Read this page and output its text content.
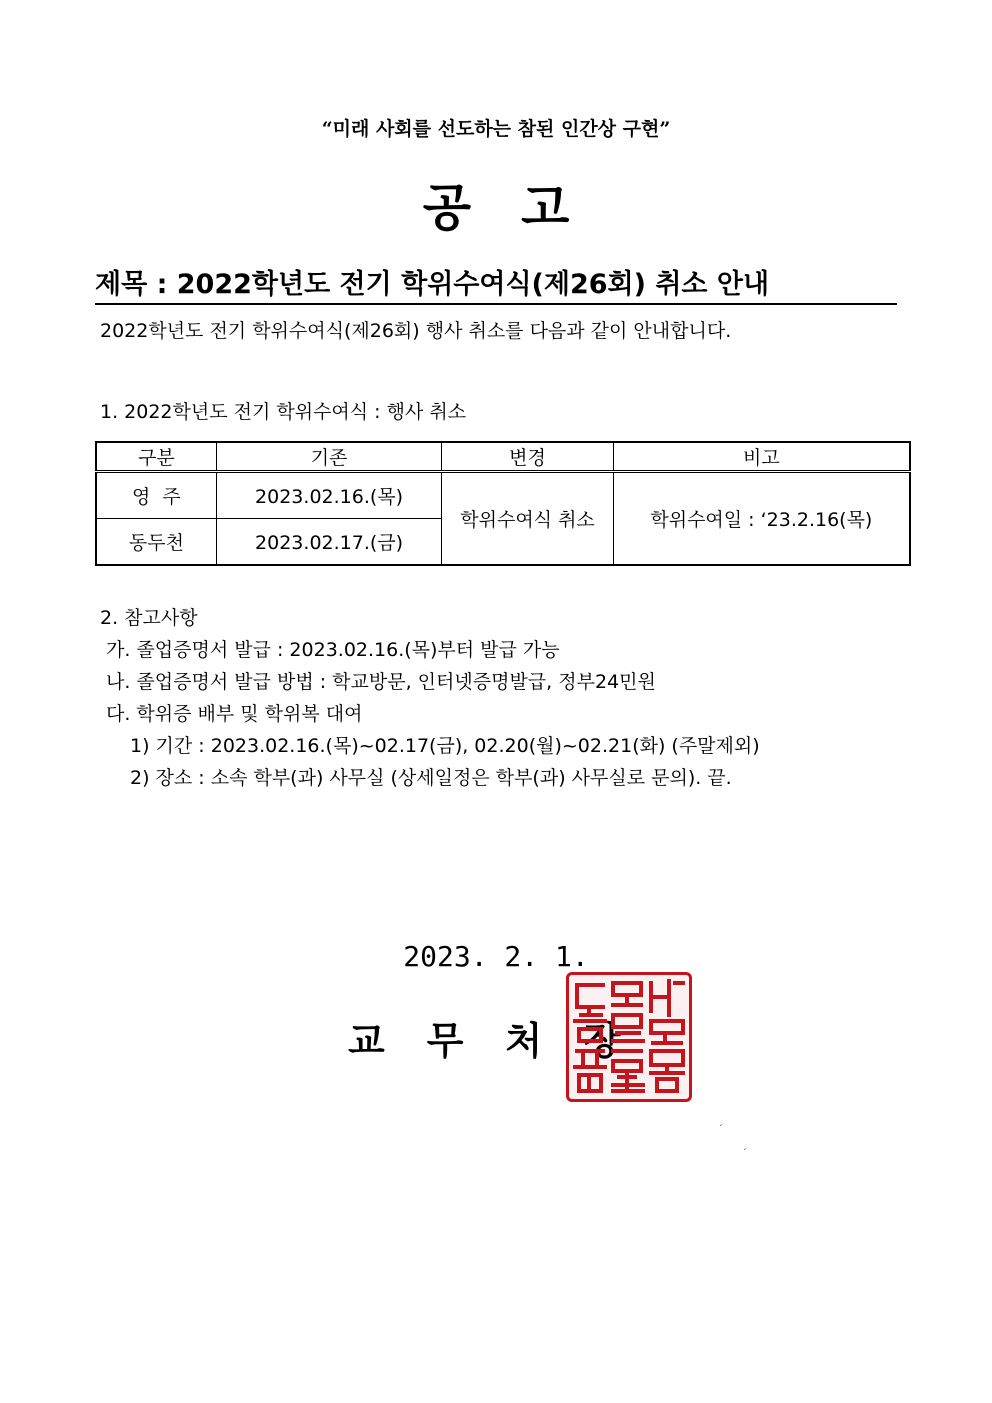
“미래 사회를 선도하는 참된 인간상 구현”
공고
제목 : 2022학년도 전기 학위수여식(제26회) 취소 안내
2022학년도 전기 학위수여식(제26회) 행사 취소를 다음과 같이 안내합니다.
1. 2022학년도 전기 학위수여식 : 행사 취소
구분	기존	변경	비고
영  주	2023.02.16.(목)	학위수여식 취소	학위수여일 : ‘23.2.16(목)
동두천	2023.02.17.(금)		
2. 참고사항
가. 졸업증명서 발급 : 2023.02.16.(목)부터 발급 가능
나. 졸업증명서 발급 방법 : 학교방문, 인터넷증명발급, 정부24민원
다. 학위증 배부 및 학위복 대여
1) 기간 : 2023.02.16.(목)~02.17(금), 02.20(월)~02.21(화) (주말제외)
2) 장소 : 소속 학부(과) 사무실 (상세일정은 학부(과) 사무실로 문의). 끝.
2023. 2. 1.
교무처장
ˊ
ˊ
